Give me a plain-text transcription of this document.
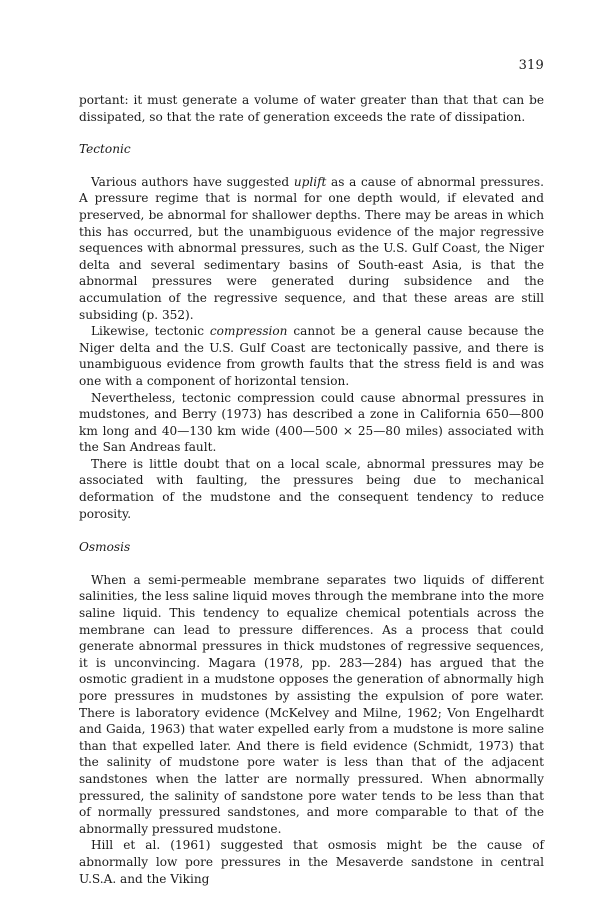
319

portant: it must generate a volume of water greater than that that can be dissipated, so that the rate of generation exceeds the rate of dissipation.

Tectonic

Various authors have suggested uplift as a cause of abnormal pressures. A pressure regime that is normal for one depth would, if elevated and preserved, be abnormal for shallower depths. There may be areas in which this has occurred, but the unambiguous evidence of the major regressive sequences with abnormal pressures, such as the U.S. Gulf Coast, the Niger delta and several sedimentary basins of South-east Asia, is that the abnormal pressures were generated during subsidence and the accumulation of the regressive sequence, and that these areas are still subsiding (p. 352).

Likewise, tectonic compression cannot be a general cause because the Niger delta and the U.S. Gulf Coast are tectonically passive, and there is unambiguous evidence from growth faults that the stress field is and was one with a component of horizontal tension.

Nevertheless, tectonic compression could cause abnormal pressures in mudstones, and Berry (1973) has described a zone in California 650—800 km long and 40—130 km wide (400—500 × 25—80 miles) associated with the San Andreas fault.

There is little doubt that on a local scale, abnormal pressures may be associated with faulting, the pressures being due to mechanical deformation of the mudstone and the consequent tendency to reduce porosity.

Osmosis

When a semi-permeable membrane separates two liquids of different salinities, the less saline liquid moves through the membrane into the more saline liquid. This tendency to equalize chemical potentials across the membrane can lead to pressure differences. As a process that could generate abnormal pressures in thick mudstones of regressive sequences, it is unconvincing. Magara (1978, pp. 283—284) has argued that the osmotic gradient in a mudstone opposes the generation of abnormally high pore pressures in mudstones by assisting the expulsion of pore water. There is laboratory evidence (McKelvey and Milne, 1962; Von Engelhardt and Gaida, 1963) that water expelled early from a mudstone is more saline than that expelled later. And there is field evidence (Schmidt, 1973) that the salinity of mudstone pore water is less than that of the adjacent sandstones when the latter are normally pressured. When abnormally pressured, the salinity of sandstone pore water tends to be less than that of normally pressured sandstones, and more comparable to that of the abnormally pressured mudstone.

Hill et al. (1961) suggested that osmosis might be the cause of abnormally low pore pressures in the Mesaverde sandstone in central U.S.A. and the Viking
